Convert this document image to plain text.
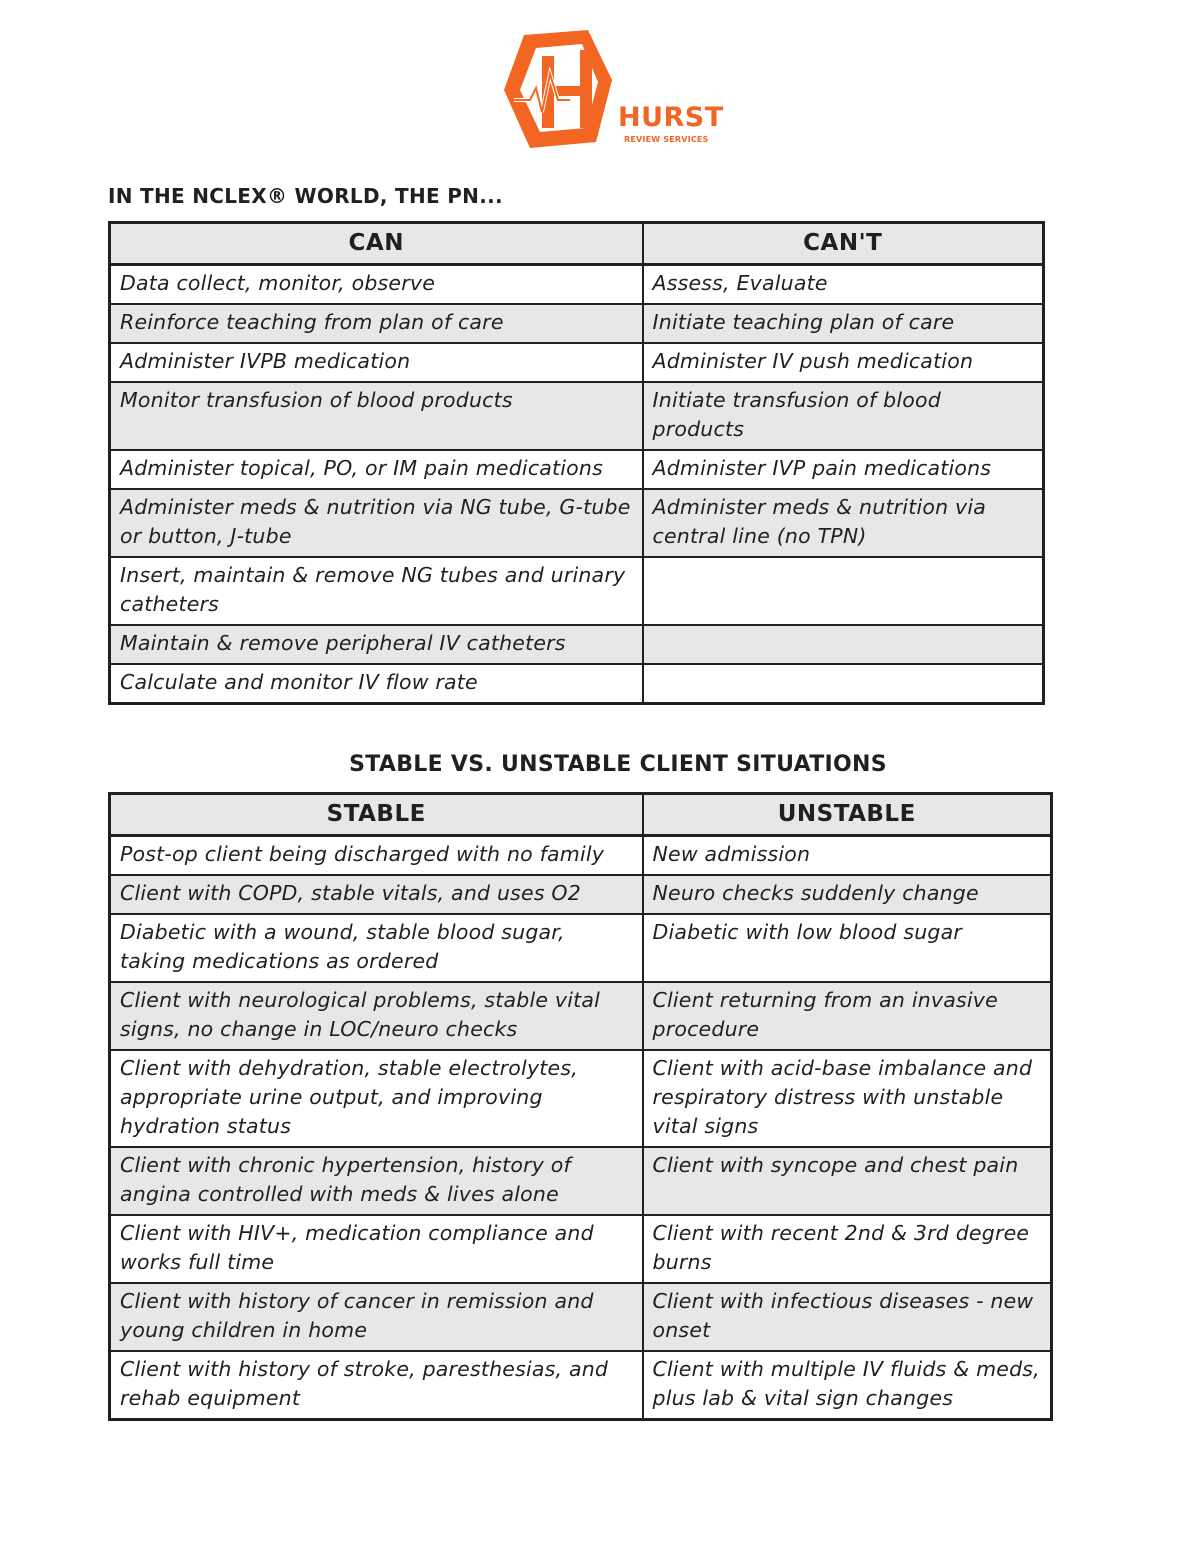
HURST
REVIEW SERVICES
IN THE NCLEX® WORLD, THE PN...
CAN	CAN'T
Data collect, monitor, observe	Assess, Evaluate
Reinforce teaching from plan of care	Initiate teaching plan of care
Administer IVPB medication	Administer IV push medication
Monitor transfusion of blood products	Initiate transfusion of blood products
Administer topical, PO, or IM pain medications	Administer IVP pain medications
Administer meds & nutrition via NG tube, G-tube or button, J-tube	Administer meds & nutrition via central line (no TPN)
Insert, maintain & remove NG tubes and urinary catheters	
Maintain & remove peripheral IV catheters	
Calculate and monitor IV flow rate	
STABLE VS. UNSTABLE CLIENT SITUATIONS
STABLE	UNSTABLE
Post-op client being discharged with no family	New admission
Client with COPD, stable vitals, and uses O2	Neuro checks suddenly change
Diabetic with a wound, stable blood sugar, taking medications as ordered	Diabetic with low blood sugar
Client with neurological problems, stable vital signs, no change in LOC/neuro checks	Client returning from an invasive procedure
Client with dehydration, stable electrolytes, appropriate urine output, and improving hydration status	Client with acid-base imbalance and respiratory distress with unstable vital signs
Client with chronic hypertension, history of angina controlled with meds & lives alone	Client with syncope and chest pain
Client with HIV+, medication compliance and works full time	Client with recent 2nd & 3rd degree burns
Client with history of cancer in remission and young children in home	Client with infectious diseases - new onset
Client with history of stroke, paresthesias, and rehab equipment	Client with multiple IV fluids & meds, plus lab & vital sign changes
